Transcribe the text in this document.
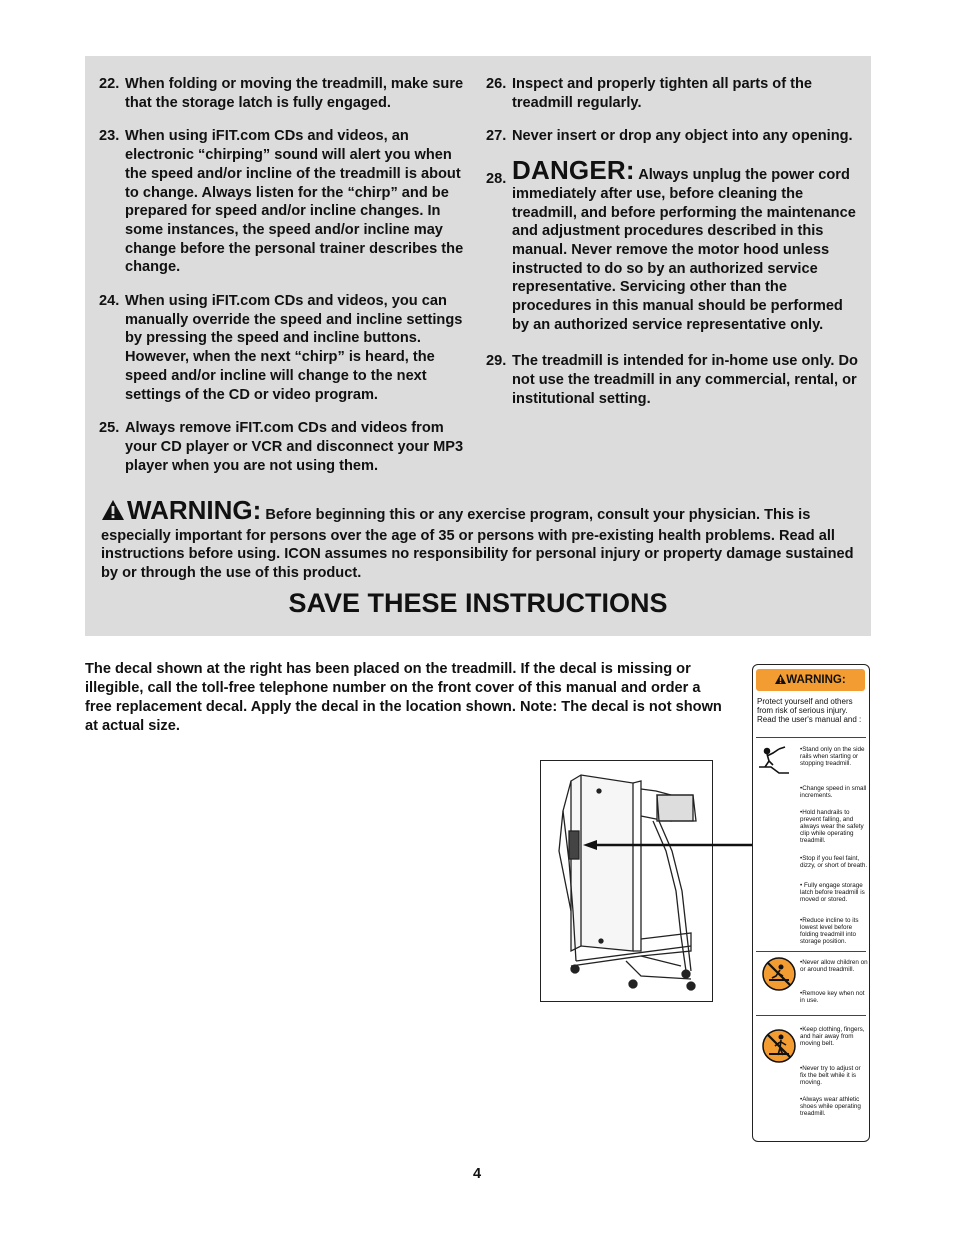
22. When folding or moving the treadmill, make sure that the storage latch is fully engaged.
23. When using iFIT.com CDs and videos, an electronic “chirping” sound will alert you when the speed and/or incline of the treadmill is about to change. Always listen for the “chirp” and be prepared for speed and/or incline changes. In some instances, the speed and/or incline may change before the personal trainer describes the change.
24. When using iFIT.com CDs and videos, you can manually override the speed and incline settings by pressing the speed and incline buttons. However, when the next “chirp” is heard, the speed and/or incline will change to the next settings of the CD or video program.
25. Always remove iFIT.com CDs and videos from your CD player or VCR and disconnect your MP3 player when you are not using them.
26. Inspect and properly tighten all parts of the treadmill regularly.
27. Never insert or drop any object into any opening.
28. DANGER: Always unplug the power cord immediately after use, before cleaning the treadmill, and before performing the maintenance and adjustment procedures described in this manual. Never remove the motor hood unless instructed to do so by an authorized service representative. Servicing other than the procedures in this manual should be performed by an authorized service representative only.
29. The treadmill is intended for in-home use only. Do not use the treadmill in any commercial, rental, or institutional setting.
WARNING: Before beginning this or any exercise program, consult your physician. This is especially important for persons over the age of 35 or persons with pre-existing health problems. Read all instructions before using. ICON assumes no responsibility for personal injury or property damage sustained by or through the use of this product.
SAVE THESE INSTRUCTIONS
The decal shown at the right has been placed on the treadmill. If the decal is missing or illegible, call the toll-free telephone number on the front cover of this manual and order a free replacement decal. Apply the decal in the location shown. Note: The decal is not shown at actual size.
WARNING:
Protect yourself and others from risk of serious injury. Read the user's manual and :
•Stand only on the side rails when starting or stopping treadmill.
•Change speed in small increments.
•Hold handrails to prevent falling, and always wear the safety clip while operating treadmill.
•Stop if you feel faint, dizzy, or short of breath.
• Fully engage storage latch before treadmill is moved or stored.
•Reduce incline to its lowest level before folding treadmill into storage position.
•Never allow children on or around treadmill.
•Remove key when not in use.
•Keep clothing, fingers, and hair away from moving belt.
•Never try to adjust or fix the belt while it is moving.
•Always wear athletic shoes while operating treadmill.
4
